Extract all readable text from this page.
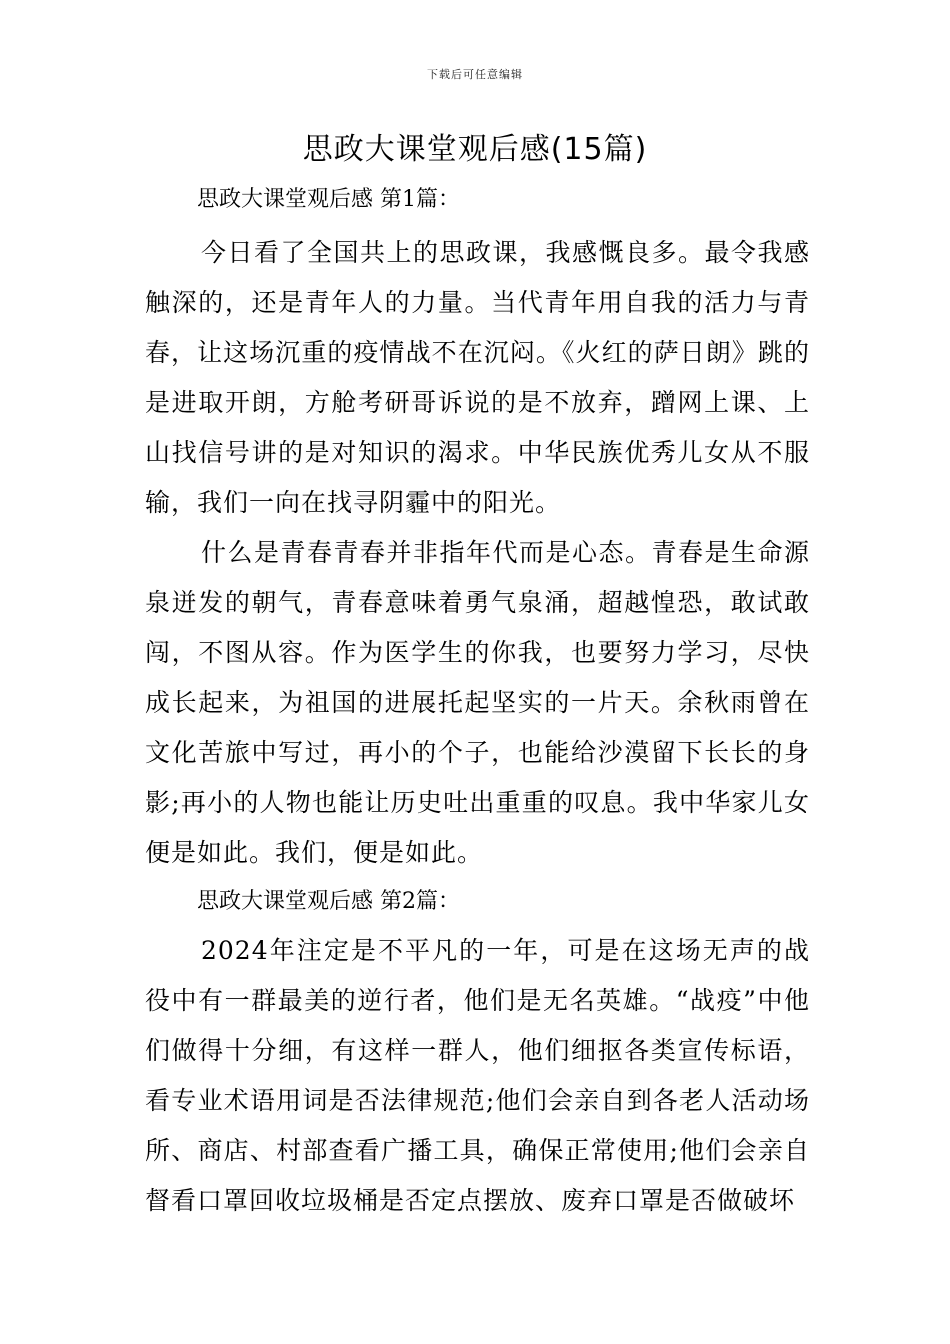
下载后可任意编辑
思政大课堂观后感(15篇)

思政大课堂观后感 第1篇：

今日看了全国共上的思政课，我感慨良多。最令我感触深的，还是青年人的力量。当代青年用自我的活力与青春，让这场沉重的疫情战不在沉闷。《火红的萨日朗》跳的是进取开朗，方舱考研哥诉说的是不放弃，蹭网上课、上山找信号讲的是对知识的渴求。中华民族优秀儿女从不服输，我们一向在找寻阴霾中的阳光。

什么是青春青春并非指年代而是心态。青春是生命源泉迸发的朝气，青春意味着勇气泉涌，超越惶恐，敢试敢闯，不图从容。作为医学生的你我，也要努力学习，尽快成长起来，为祖国的进展托起坚实的一片天。余秋雨曾在文化苦旅中写过，再小的个子，也能给沙漠留下长长的身影;再小的人物也能让历史吐出重重的叹息。我中华家儿女便是如此。我们，便是如此。

思政大课堂观后感 第2篇：

2024年注定是不平凡的一年，可是在这场无声的战役中有一群最美的逆行者，他们是无名英雄。“战疫”中他们做得十分细，有这样一群人，他们细抠各类宣传标语，看专业术语用词是否法律规范;他们会亲自到各老人活动场所、商店、村部查看广播工具，确保正常使用;他们会亲自督看口罩回收垃圾桶是否定点摆放、废弃口罩是否做破坏
